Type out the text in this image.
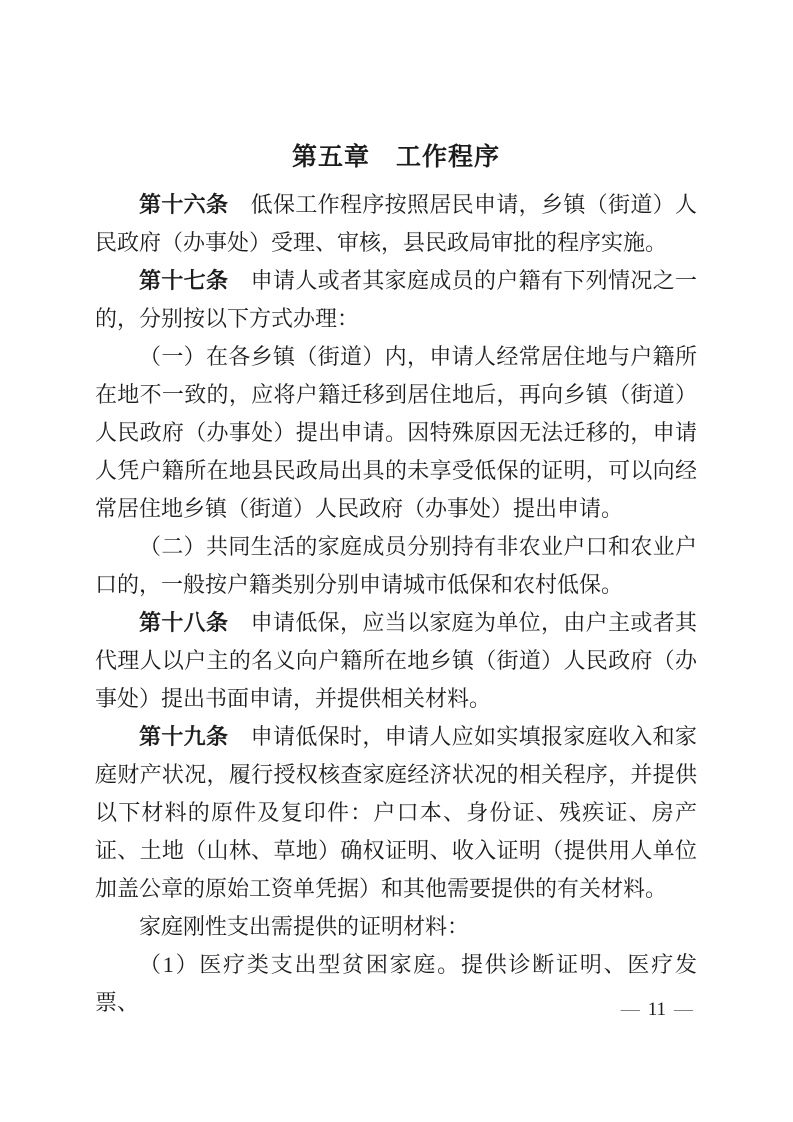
第五章　工作程序

第十六条　低保工作程序按照居民申请，乡镇（街道）人民政府（办事处）受理、审核，县民政局审批的程序实施。

第十七条　申请人或者其家庭成员的户籍有下列情况之一的，分别按以下方式办理：

（一）在各乡镇（街道）内，申请人经常居住地与户籍所在地不一致的，应将户籍迁移到居住地后，再向乡镇（街道）人民政府（办事处）提出申请。因特殊原因无法迁移的，申请人凭户籍所在地县民政局出具的未享受低保的证明，可以向经常居住地乡镇（街道）人民政府（办事处）提出申请。

（二）共同生活的家庭成员分别持有非农业户口和农业户口的，一般按户籍类别分别申请城市低保和农村低保。

第十八条　申请低保，应当以家庭为单位，由户主或者其代理人以户主的名义向户籍所在地乡镇（街道）人民政府（办事处）提出书面申请，并提供相关材料。

第十九条　申请低保时，申请人应如实填报家庭收入和家庭财产状况，履行授权核查家庭经济状况的相关程序，并提供以下材料的原件及复印件：户口本、身份证、残疾证、房产证、土地（山林、草地）确权证明、收入证明（提供用人单位加盖公章的原始工资单凭据）和其他需要提供的有关材料。

家庭刚性支出需提供的证明材料：

（1）医疗类支出型贫困家庭。提供诊断证明、医疗发票、	— 11 —
